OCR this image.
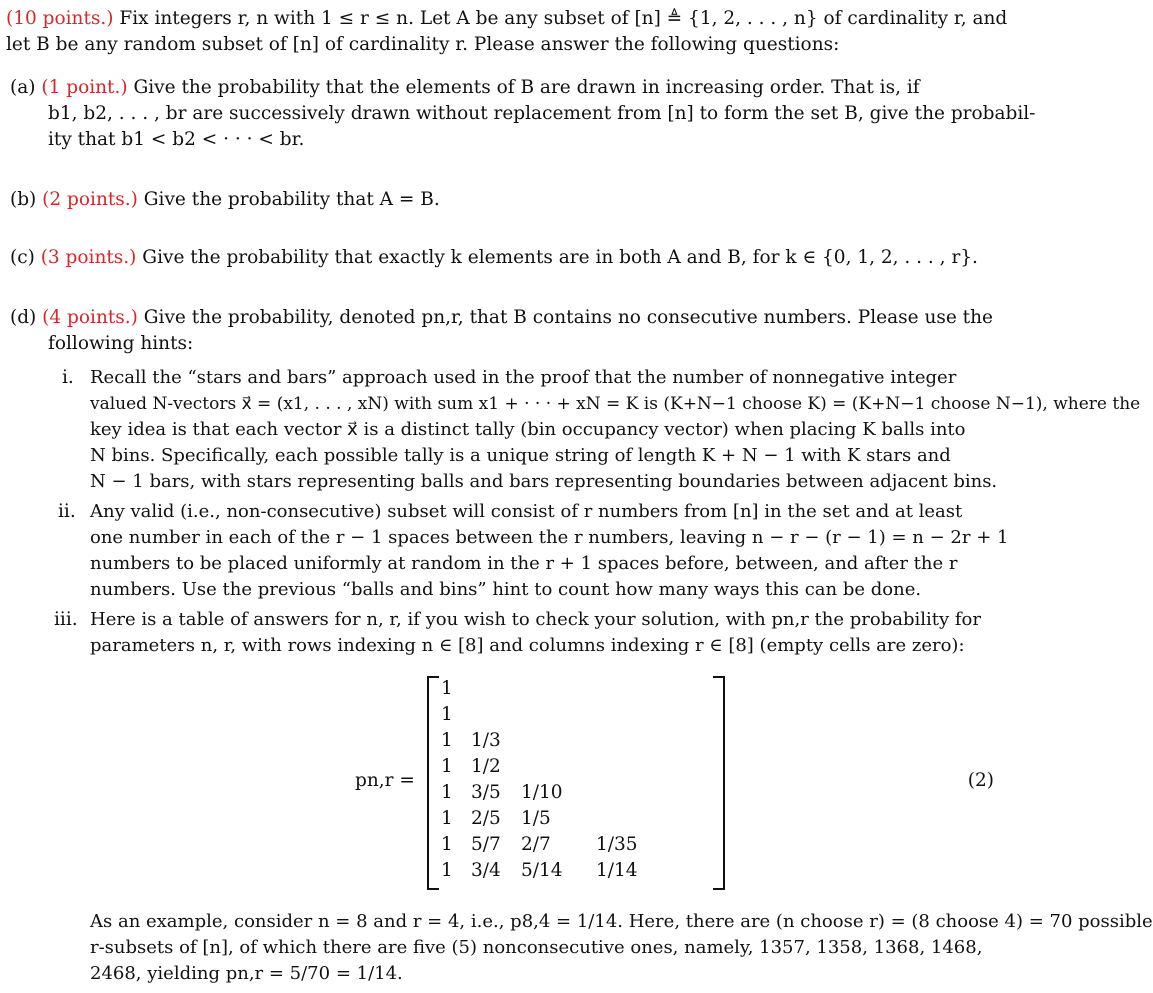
(10 points.) Fix integers r, n with 1 ≤ r ≤ n. Let A be any subset of [n] ≜ {1, 2, . . . , n} of cardinality r, and
let B be any random subset of [n] of cardinality r. Please answer the following questions:
(a) (1 point.) Give the probability that the elements of B are drawn in increasing order. That is, if
b1, b2, . . . , br are successively drawn without replacement from [n] to form the set B, give the probabil-
ity that b1 < b2 < · · · < br.
(b) (2 points.) Give the probability that A = B.
(c) (3 points.) Give the probability that exactly k elements are in both A and B, for k ∈ {0, 1, 2, . . . , r}.
(d) (4 points.) Give the probability, denoted pn,r, that B contains no consecutive numbers. Please use the
following hints:
i. Recall the “stars and bars” approach used in the proof that the number of nonnegative integer
valued N-vectors x⃗ = (x1, . . . , xN) with sum x1 + · · · + xN = K is (K+N−1 choose K) = (K+N−1 choose N−1), where the
key idea is that each vector x⃗ is a distinct tally (bin occupancy vector) when placing K balls into
N bins. Specifically, each possible tally is a unique string of length K + N − 1 with K stars and
N − 1 bars, with stars representing balls and bars representing boundaries between adjacent bins.
ii. Any valid (i.e., non-consecutive) subset will consist of r numbers from [n] in the set and at least
one number in each of the r − 1 spaces between the r numbers, leaving n − r − (r − 1) = n − 2r + 1
numbers to be placed uniformly at random in the r + 1 spaces before, between, and after the r
numbers. Use the previous “balls and bins” hint to count how many ways this can be done.
iii. Here is a table of answers for n, r, if you wish to check your solution, with pn,r the probability for
parameters n, r, with rows indexing n ∈ [8] and columns indexing r ∈ [8] (empty cells are zero):
pn,r =
1
1
1 1/3
1 1/2
1 3/5 1/10
1 2/5 1/5
1 5/7 2/7 1/35
1 3/4 5/14 1/14
(2)
As an example, consider n = 8 and r = 4, i.e., p8,4 = 1/14. Here, there are (n choose r) = (8 choose 4) = 70 possible
r-subsets of [n], of which there are five (5) nonconsecutive ones, namely, 1357, 1358, 1368, 1468,
2468, yielding pn,r = 5/70 = 1/14.
